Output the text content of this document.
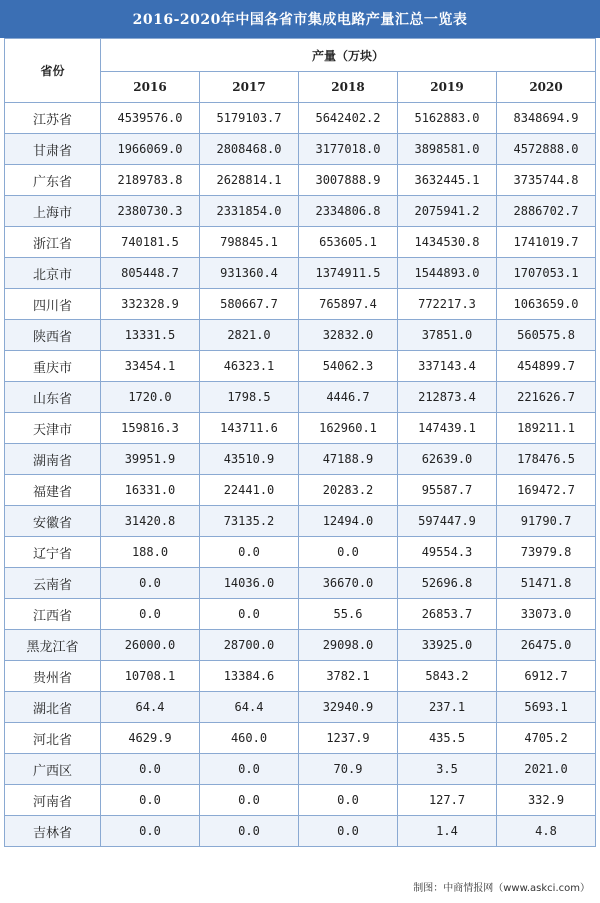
2016-2020年中国各省市集成电路产量汇总一览表
省份	产量（万块）				
	2016	2017	2018	2019	2020
江苏省	4539576.0	5179103.7	5642402.2	5162883.0	8348694.9
甘肃省	1966069.0	2808468.0	3177018.0	3898581.0	4572888.0
广东省	2189783.8	2628814.1	3007888.9	3632445.1	3735744.8
上海市	2380730.3	2331854.0	2334806.8	2075941.2	2886702.7
浙江省	740181.5	798845.1	653605.1	1434530.8	1741019.7
北京市	805448.7	931360.4	1374911.5	1544893.0	1707053.1
四川省	332328.9	580667.7	765897.4	772217.3	1063659.0
陕西省	13331.5	2821.0	32832.0	37851.0	560575.8
重庆市	33454.1	46323.1	54062.3	337143.4	454899.7
山东省	1720.0	1798.5	4446.7	212873.4	221626.7
天津市	159816.3	143711.6	162960.1	147439.1	189211.1
湖南省	39951.9	43510.9	47188.9	62639.0	178476.5
福建省	16331.0	22441.0	20283.2	95587.7	169472.7
安徽省	31420.8	73135.2	12494.0	597447.9	91790.7
辽宁省	188.0	0.0	0.0	49554.3	73979.8
云南省	0.0	14036.0	36670.0	52696.8	51471.8
江西省	0.0	0.0	55.6	26853.7	33073.0
黑龙江省	26000.0	28700.0	29098.0	33925.0	26475.0
贵州省	10708.1	13384.6	3782.1	5843.2	6912.7
湖北省	64.4	64.4	32940.9	237.1	5693.1
河北省	4629.9	460.0	1237.9	435.5	4705.2
广西区	0.0	0.0	70.9	3.5	2021.0
河南省	0.0	0.0	0.0	127.7	332.9
吉林省	0.0	0.0	0.0	1.4	4.8
制图：中商情报网（www.askci.com）
